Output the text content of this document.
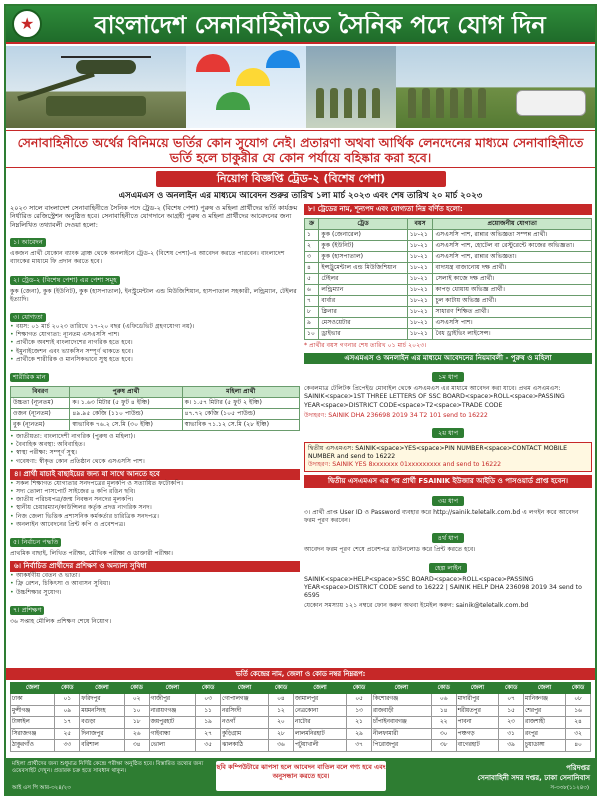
★	বাংলাদেশ সেনাবাহিনীতে সৈনিক পদে যোগ দিন
সেনাবাহিনীতে অর্থের বিনিময়ে ভর্তির কোন সুযোগ নেই। প্রতারণা অথবা আর্থিক লেনদেনের মাধ্যমে সেনাবাহিনীতে ভর্তি হলে চাকুরীর যে কোন পর্যায়ে বহিষ্কার করা হবে।
নিয়োগ বিজ্ঞপ্তি ট্রেড-২ (বিশেষ পেশা)
এসএমএস ও অনলাইন এর মাধ্যমে আবেদন শুরুর তারিখ ১লা মার্চ ২০২৩ এবং শেষ তারিখ ২০ মার্চ ২০২৩
২০২৩ সালে বাংলাদেশ সেনাবাহিনীতে সৈনিক পদে ট্রেড-২ (বিশেষ পেশা) পুরুষ ও মহিলা প্রার্থীদের ভর্তি কার্যক্রম নির্ধারিত রেজিস্ট্রেশন অনুষ্ঠিত হবে। সেনাবাহিনীতে যোগদানে আগ্রহী পুরুষ ও মহিলা প্রার্থীদের আবেদনের জন্য নিম্নলিখিত তথ্যাবলী দেওয়া হলো:
১। আবেদন
একজন প্রার্থী যেকোন ব্যাংক ব্রাঞ্চ থেকে অনলাইনে ট্রেড-২ (বিশেষ পেশা)-এ আবেদন করতে পারবেন। বাংলাদেশ ব্যাংকের মাধ্যমে ফি প্রদান করতে হবে।
২। ট্রেড-২ (বিশেষ পেশা) এর পেশা সমূহ
কুক (জেনা), কুক (ইউনিট), কুক (হাসপাতাল), ইনস্ট্রুমেন্টাল এন্ড মিউজিশিয়ান, হাসপাতাল সহকারী, লন্ড্রিম্যান, টেইলর ইত্যাদি।
৩। যোগ্যতা
• বয়স: ০১ মার্চ ২০২৩ তারিখে ১৭-২০ বছর (এফিডেভিট গ্রহণযোগ্য নয়)।
• শিক্ষাগত যোগ্যতা: ন্যূনতম এসএসসি পাশ।
• প্রার্থীকে অবশ্যই বাংলাদেশের নাগরিক হতে হবে।
• ইমুনাইজেশন এবং ভ্যাকসিন সম্পূর্ণ থাকতে হবে।
• প্রার্থীকে শারীরিক ও মানসিকভাবে সুস্থ হতে হবে।
শারীরিক মান
বিবরণ	পুরুষ প্রার্থী	মহিলা প্রার্থী
উচ্চতা (ন্যূনতম)	ক। ১.৬৩ মিটার (৫ ফুট ৪ ইঞ্চি)	ক। ১.৫৭ মিটার (৫ ফুট ২ ইঞ্চি)
ওজন (ন্যূনতম)	৪৯.৯৫ কেজি (১১০ পাউন্ড)	৪৭.৭২ কেজি (১০৫ পাউন্ড)
বুক (ন্যূনতম)	স্বাভাবিক ৭৬.২ সে.মি (৩০ ইঞ্চি)	স্বাভাবিক ৭১.১২ সে.মি (২৮ ইঞ্চি)
• জাতীয়তা: বাংলাদেশী নাগরিক (পুরুষ ও মহিলা)।
• বৈবাহিক অবস্থা: অবিবাহিত।
• স্বাস্থ্য পরীক্ষা: সম্পূর্ণ সুস্থ।
• গবেষণা: স্বীকৃত কোন প্রতিষ্ঠান থেকে এসএসসি পাশ।
৪। প্রার্থী যাচাই বাছাইয়ের জন্য যা সাথে আনতে হবে
• সকল শিক্ষাগত যোগ্যতার সনদপত্রের মূলকপি ও সত্যায়িত ফটোকপি।
• সদ্য তোলা পাসপোর্ট সাইজের ৪ কপি রঙিন ছবি।
• জাতীয় পরিচয়পত্র/জন্ম নিবন্ধন সনদের মূলকপি।
• স্থানীয় চেয়ারম্যান/কাউন্সিলর কর্তৃক প্রদত্ত নাগরিক সনদ।
• নিজ জেলা ভিত্তিক প্রশাসনিক কর্মকর্তার চারিত্রিক সনদপত্র।
• অনলাইন আবেদনের প্রিন্ট কপি ও প্রবেশপত্র।
৫। নির্বাচন পদ্ধতি
প্রাথমিক বাছাই, লিখিত পরীক্ষা, মৌখিক পরীক্ষা ও ডাক্তারী পরীক্ষা।
৬। নির্বাচিত প্রার্থীদের প্রশিক্ষণ ও অন্যান্য সুবিধা
• আকর্ষণীয় বেতন ও ভাতা।
• ফ্রি রেশন, চিকিৎসা ও আবাসন সুবিধা।
• উচ্চশিক্ষার সুযোগ।
৭। প্রশিক্ষণ
৩৬ সপ্তাহ মৌলিক প্রশিক্ষণ শেষে নিয়োগ।
৮। ট্রেডের নাম, শূন্যপদ এবং যোগ্যতা নিম্ন বর্ণিত হলো:
ক্র	ট্রেড	বয়স	প্রয়োজনীয় যোগ্যতা
১	কুক (জেনারেল)	১৮-২১	এসএসসি পাশ, রান্নার অভিজ্ঞতা সম্পন্ন প্রার্থী।
২	কুক (ইউনিট)	১৮-২১	এসএসসি পাশ, হোটেল বা রেস্টুরেন্টে কাজের অভিজ্ঞতা।
৩	কুক (হাসপাতাল)	১৮-২১	এসএসসি পাশ, রান্নার অভিজ্ঞতা।
৪	ইন্সট্রুমেন্টাল এন্ড মিউজিশিয়ান	১৮-২১	বাদ্যযন্ত্র বাজানোয় দক্ষ প্রার্থী।
৫	টেইলর	১৮-২১	সেলাই কাজে দক্ষ প্রার্থী।
৬	লন্ড্রিম্যান	১৮-২১	কাপড় ধোয়ায় অভিজ্ঞ প্রার্থী।
৭	বার্বার	১৮-২১	চুল কাটায় অভিজ্ঞ প্রার্থী।
৮	ক্লিনার	১৮-২১	সাধারণ শিক্ষিত প্রার্থী।
৯	মেসওয়েটার	১৮-২১	এসএসসি পাশ।
১০	ড্রাইভার	১৮-২১	বৈধ ড্রাইভিং লাইসেন্স।
* প্রার্থীর বয়স গণনার শেষ তারিখ ০১ মার্চ ২০২৩।
এসএমএস ও অনলাইন এর মাধ্যমে আবেদনের নিয়মাবলী - পুরুষ ও মহিলা
১ম ধাপ
কেবলমাত্র টেলিটক প্রিপেইড মোবাইল থেকে এসএমএস এর মাধ্যমে আবেদন করা যাবে। প্রথম এসএমএস: SAINIK<space>1ST THREE LETTERS OF SSC BOARD<space>ROLL<space>PASSING YEAR<space>DISTRICT CODE<space>T2<space>TRADE CODE
উদাহরণ: SAINIK DHA 236698 2019 34 T2 101 send to 16222
২য় ধাপ
দ্বিতীয় এসএমএস: SAINIK<space>YES<space>PIN NUMBER<space>CONTACT MOBILE NUMBER and send to 16222
উদাহরণ: SAINIK YES 8xxxxxxx 01xxxxxxxxx and send to 16222
দ্বিতীয় এসএমএস এর পর প্রার্থী FSAINIK ইউজার আইডি ও পাসওয়ার্ড প্রাপ্ত হবেন।
৩য় ধাপ
৩। প্রার্থী প্রাপ্ত User ID ও Password ব্যবহার করে http://sainik.teletalk.com.bd এ লগইন করে আবেদন ফরম পূরণ করবেন।
৪র্থ ধাপ
আবেদন ফরম পূরণ শেষে প্রবেশপত্র ডাউনলোড করে প্রিন্ট করতে হবে।
হেল্প লাইন
SAINIK<space>HELP<space>SSC BOARD<space>ROLL<space>PASSING YEAR<space>DISTRICT CODE send to 16222 | SAINIK HELP DHA 236098 2019 34 send to 6595
যেকোন সমস্যায় ১২১ নম্বরে ফোন করুন অথবা ইমেইল করুন: sainik@teletalk.com.bd
ভর্তি কেন্দ্রের নাম, জেলা ও কোড নম্বর নিম্নরূপ:
জেলা	কোড	জেলা	কোড	জেলা	কোড	জেলা	কোড	জেলা	কোড	জেলা	কোড	জেলা	কোড	জেলা	কোড
ঢাকা	০১	ফরিদপুর	০২	গাজীপুর	০৩	গোপালগঞ্জ	০৪	জামালপুর	০৫	কিশোরগঞ্জ	০৬	মাদারীপুর	০৭	মানিকগঞ্জ	০৮
মুন্সীগঞ্জ	০৯	ময়মনসিংহ	১০	নারায়ণগঞ্জ	১১	নরসিংদী	১২	নেত্রকোনা	১৩	রাজবাড়ী	১৪	শরীয়তপুর	১৫	শেরপুর	১৬
টাঙ্গাইল	১৭	বগুড়া	১৮	জয়পুরহাট	১৯	নওগাঁ	২০	নাটোর	২১	চাঁপাইনবাবগঞ্জ	২২	পাবনা	২৩	রাজশাহী	২৪
সিরাজগঞ্জ	২৫	দিনাজপুর	২৬	গাইবান্ধা	২৭	কুড়িগ্রাম	২৮	লালমনিরহাট	২৯	নীলফামারী	৩০	পঞ্চগড়	৩১	রংপুর	৩২
ঠাকুরগাঁও	৩৩	বরিশাল	৩৪	ভোলা	৩৫	ঝালকাঠি	৩৬	পটুয়াখালী	৩৭	পিরোজপুর	৩৮	বাগেরহাট	৩৯	চুয়াডাঙ্গা	৪০
মহিলা প্রার্থীদের জন্য শুধুমাত্র নির্দিষ্ট কেন্দ্রে পরীক্ষা অনুষ্ঠিত হবে। বিস্তারিত তথ্যের জন্য ওয়েবসাইট দেখুন। প্রতারক চক্র হতে সাবধান থাকুন।
ছবি কম্পিউটারে ঝাপসা হলে আবেদন বাতিল বলে গণ্য হবে এবং অনুসন্ধান করতে হবে।
পরিদপ্তর
সেনাবাহিনী সদর দপ্তর, ঢাকা সেনানিবাস
আই এস পি আর-৩২৪/২৩	স-৩৩৮(১১২৪৩)
